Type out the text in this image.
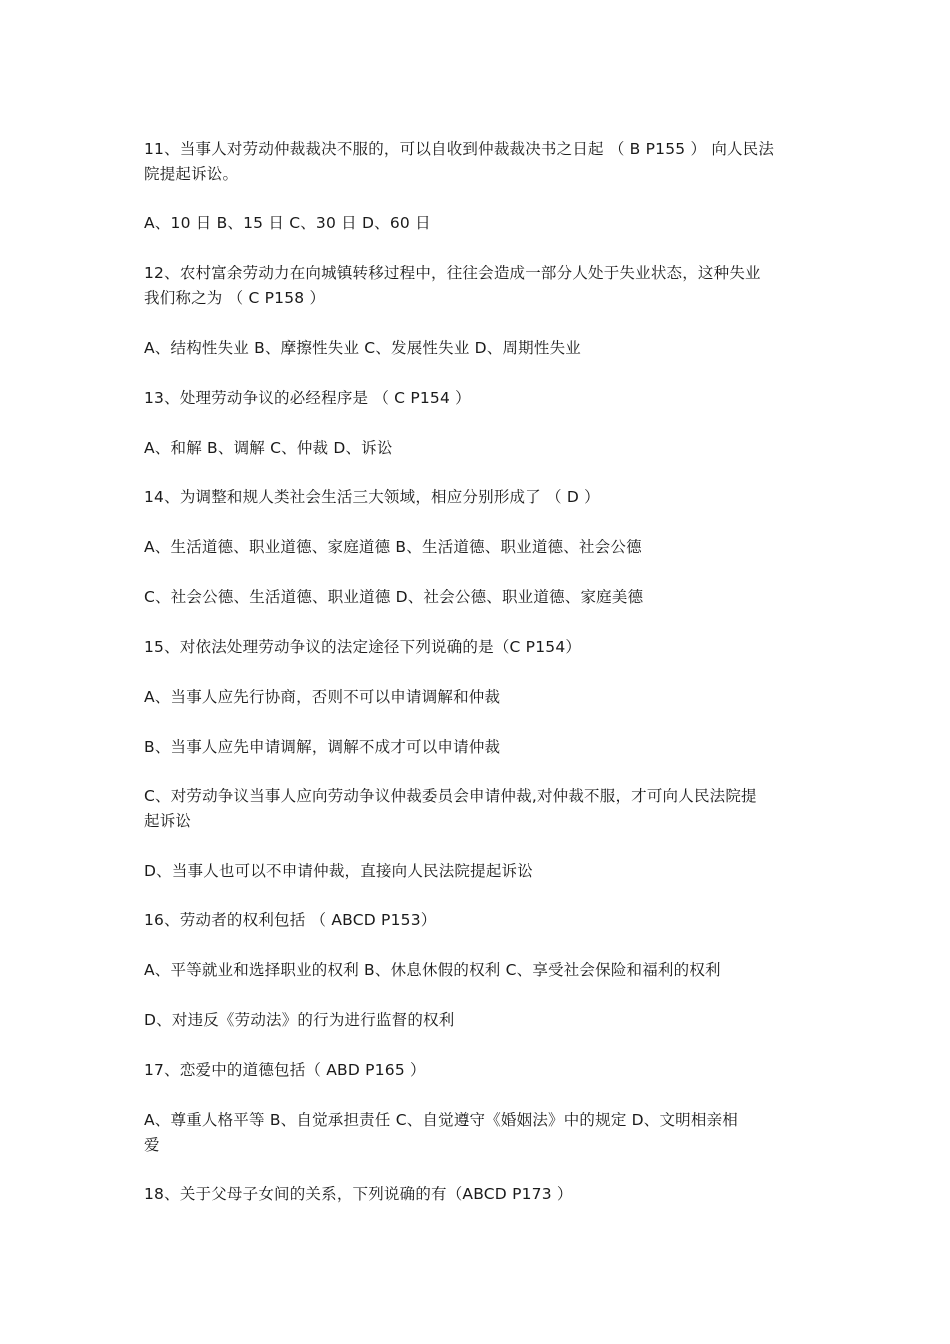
11、当事人对劳动仲裁裁决不服的，可以自收到仲裁裁决书之日起 （ B P155 ） 向人民法
院提起诉讼。
A、10 日 B、15 日 C、30 日 D、60 日
12、农村富余劳动力在向城镇转移过程中，往往会造成一部分人处于失业状态，这种失业
我们称之为 （ C P158 ）
A、结构性失业 B、摩擦性失业 C、发展性失业 D、周期性失业
13、处理劳动争议的必经程序是 （ C P154 ）
A、和解 B、调解 C、仲裁 D、诉讼
14、为调整和规人类社会生活三大领域，相应分别形成了 （ D ）
A、生活道德、职业道德、家庭道德 B、生活道德、职业道德、社会公德
C、社会公德、生活道德、职业道德 D、社会公德、职业道德、家庭美德
15、对依法处理劳动争议的法定途径下列说确的是（C P154）
A、当事人应先行协商，否则不可以申请调解和仲裁
B、当事人应先申请调解，调解不成才可以申请仲裁
C、对劳动争议当事人应向劳动争议仲裁委员会申请仲裁,对仲裁不服，才可向人民法院提
起诉讼
D、当事人也可以不申请仲裁，直接向人民法院提起诉讼
16、劳动者的权利包括 （ ABCD P153）
A、平等就业和选择职业的权利 B、休息休假的权利 C、享受社会保险和福利的权利
D、对违反《劳动法》的行为进行监督的权利
17、恋爱中的道德包括（ ABD P165 ）
A、尊重人格平等 B、自觉承担责任 C、自觉遵守《婚姻法》中的规定 D、文明相亲相
爱
18、关于父母子女间的关系，下列说确的有（ABCD P173 ）
